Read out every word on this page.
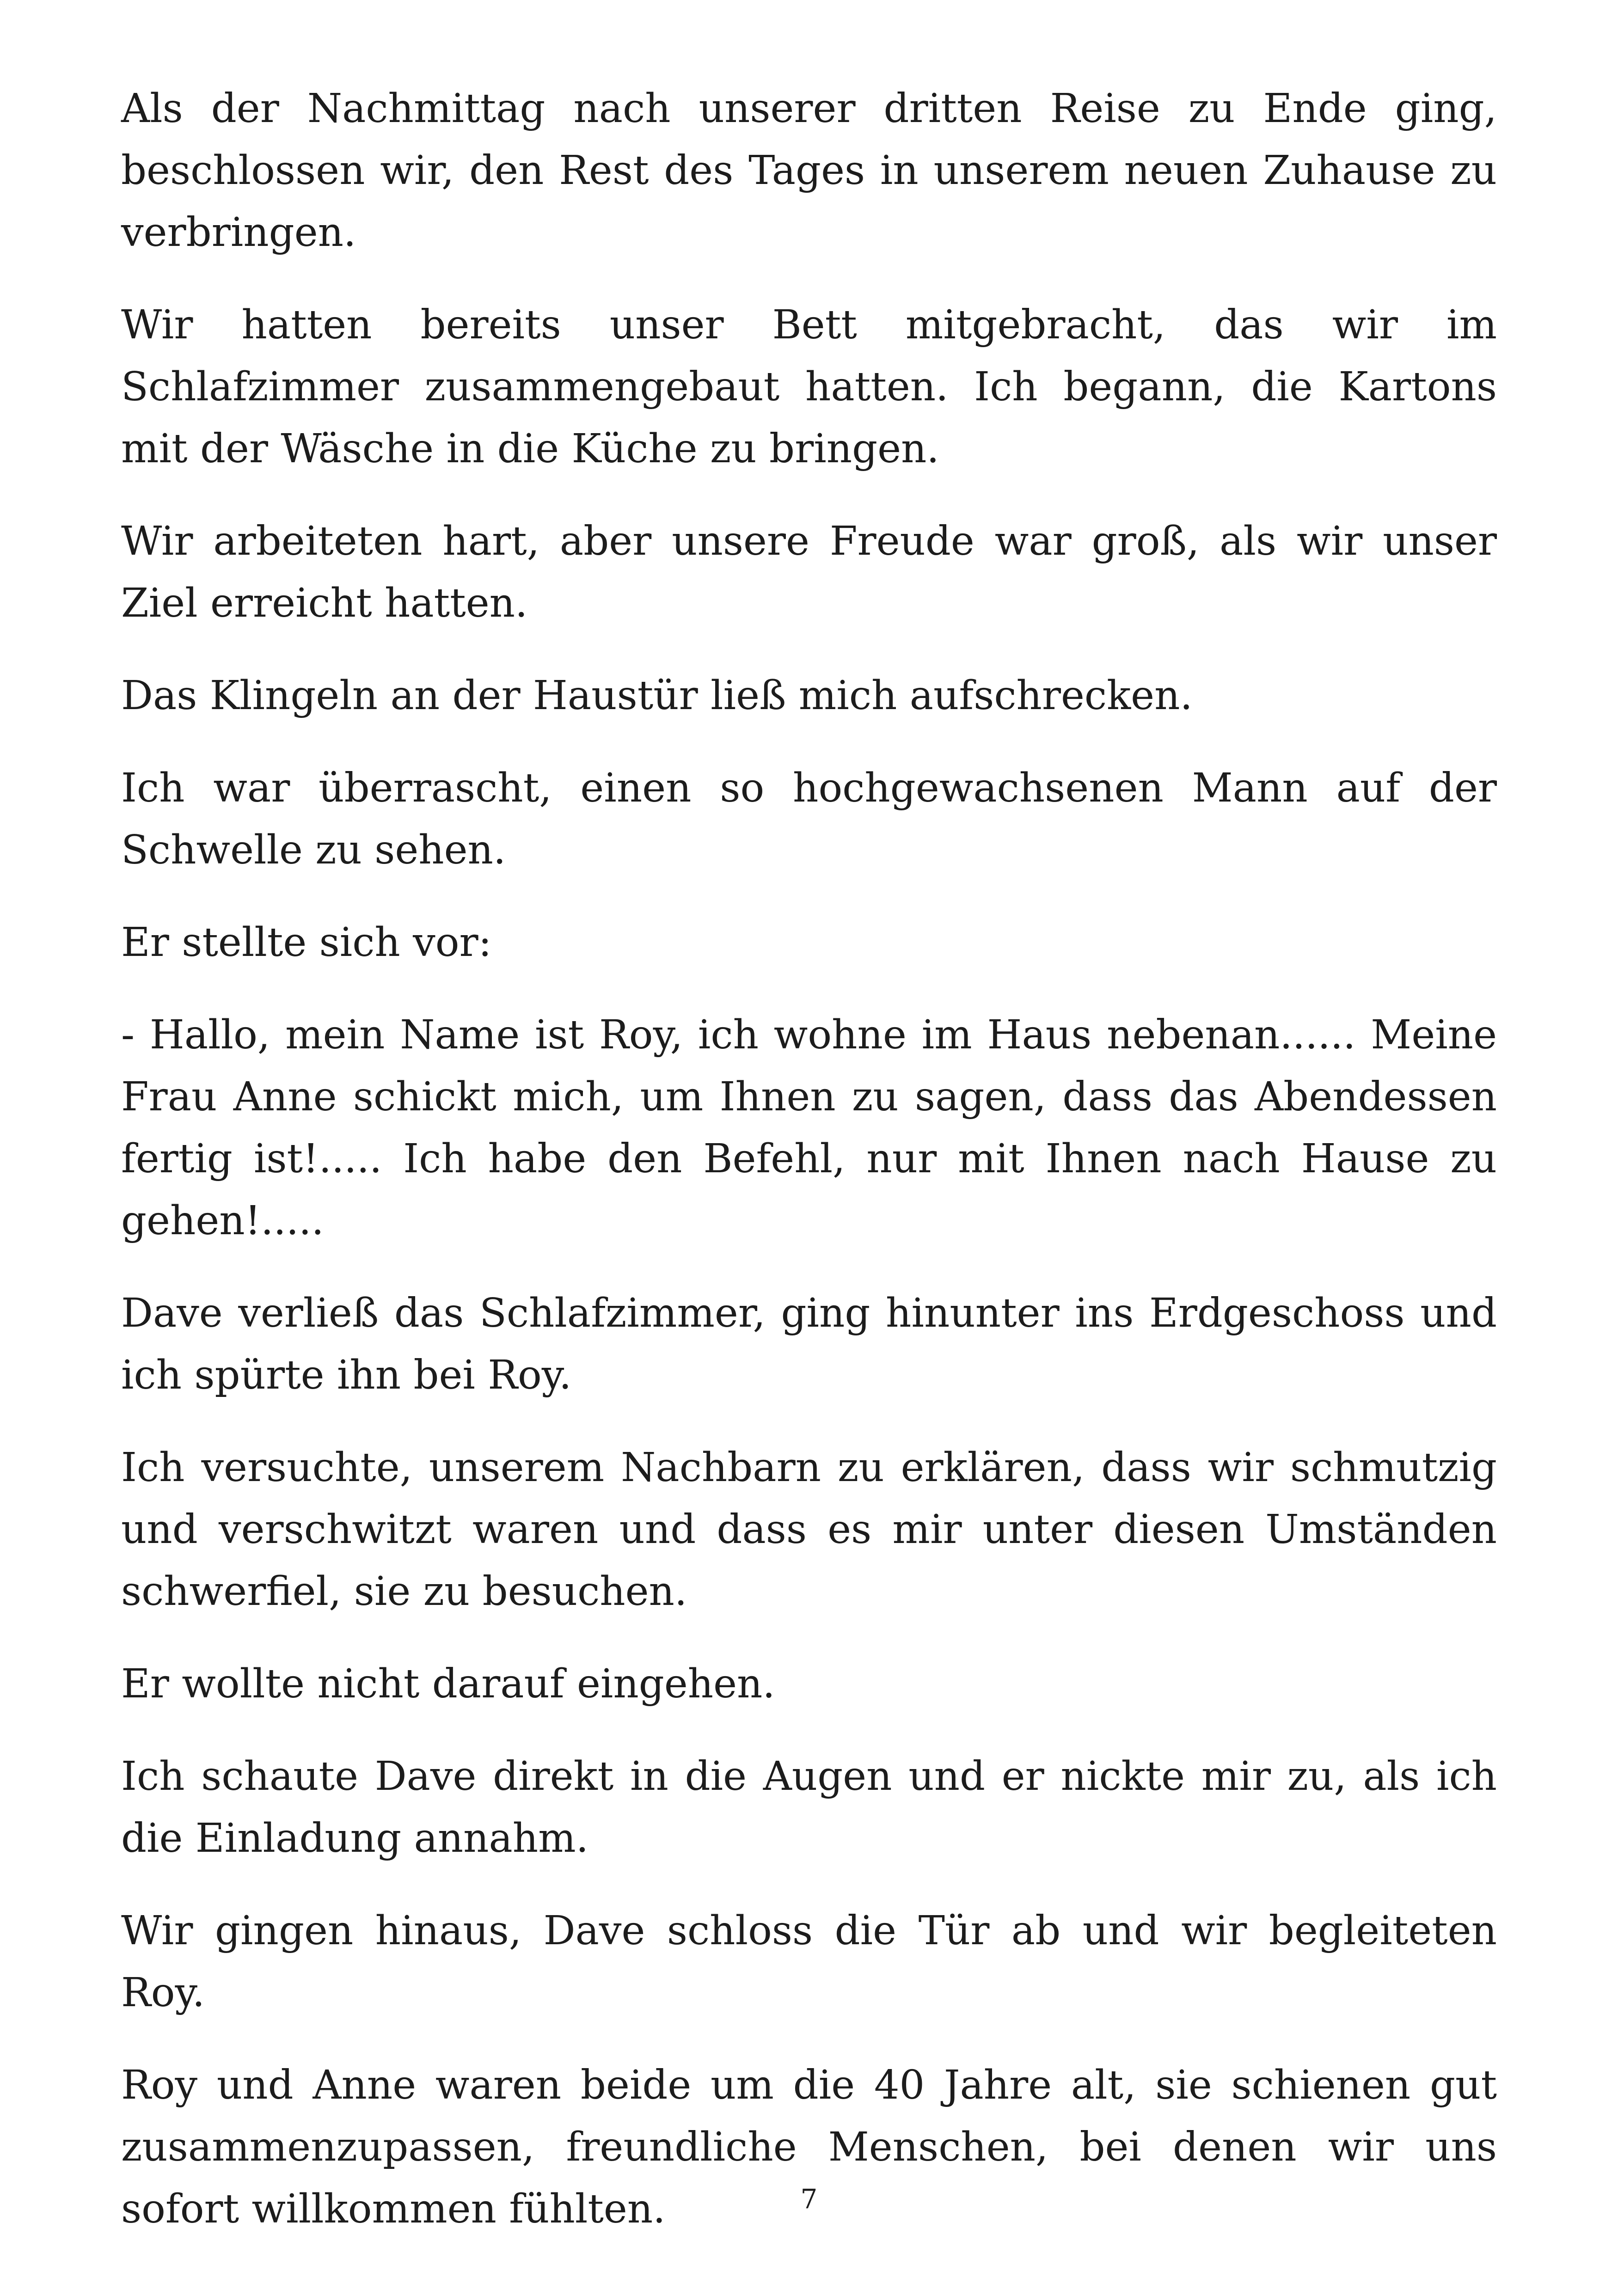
Als der Nachmittag nach unserer dritten Reise zu Ende ging, beschlossen wir, den Rest des Tages in unserem neuen Zuhause zu verbringen.

Wir hatten bereits unser Bett mitgebracht, das wir im Schlafzimmer zusammengebaut hatten. Ich begann, die Kartons mit der Wäsche in die Küche zu bringen.

Wir arbeiteten hart, aber unsere Freude war groß, als wir unser Ziel erreicht hatten.

Das Klingeln an der Haustür ließ mich aufschrecken.

Ich war überrascht, einen so hochgewachsenen Mann auf der Schwelle zu sehen.

Er stellte sich vor:

- Hallo, mein Name ist Roy, ich wohne im Haus nebenan...... Meine Frau Anne schickt mich, um Ihnen zu sagen, dass das Abendessen fertig ist!..... Ich habe den Befehl, nur mit Ihnen nach Hause zu gehen!.....

Dave verließ das Schlafzimmer, ging hinunter ins Erdgeschoss und ich spürte ihn bei Roy.

Ich versuchte, unserem Nachbarn zu erklären, dass wir schmutzig und verschwitzt waren und dass es mir unter diesen Umständen schwerfiel, sie zu besuchen.

Er wollte nicht darauf eingehen.

Ich schaute Dave direkt in die Augen und er nickte mir zu, als ich die Einladung annahm.

Wir gingen hinaus, Dave schloss die Tür ab und wir begleiteten Roy.

Roy und Anne waren beide um die 40 Jahre alt, sie schienen gut zusammenzupassen, freundliche Menschen, bei denen wir uns sofort willkommen fühlten.	7
